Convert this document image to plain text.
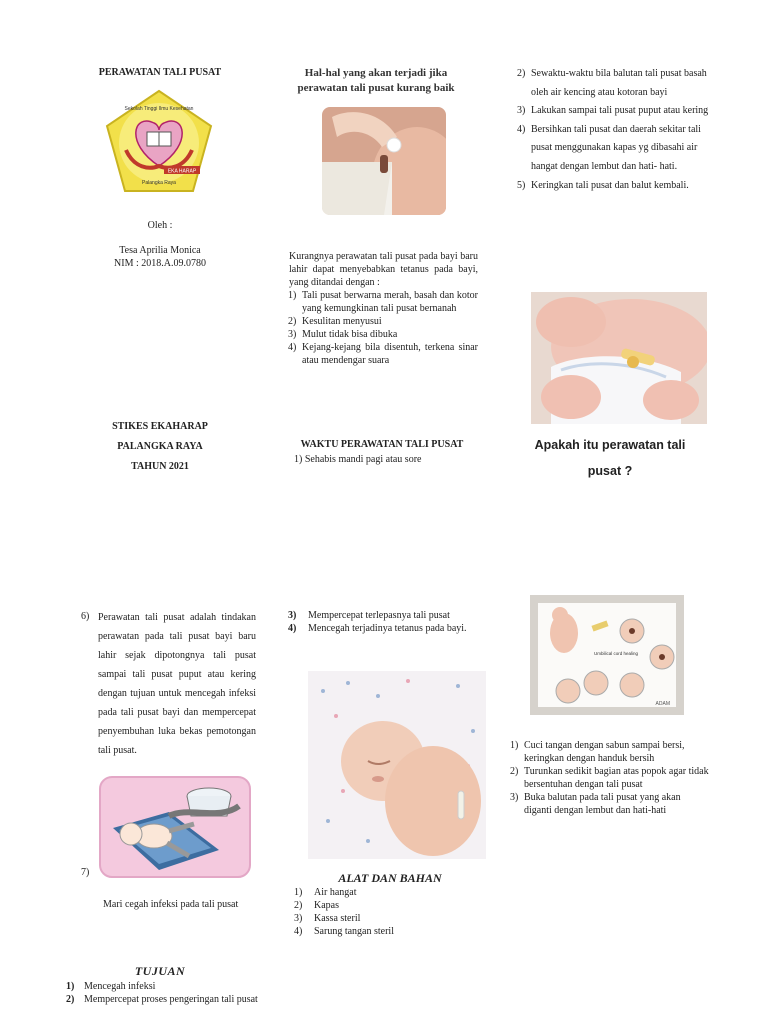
PERAWATAN TALI PUSAT
EKA HARAP
Palangka Raya
Sekolah Tinggi Ilmu Kesehatan
Oleh :
Tesa Aprilia Monica
NIM : 2018.A.09.0780
STIKES EKAHARAP
PALANGKA RAYA
TAHUN 2021
Hal-hal yang akan terjadi jika
perawatan tali pusat kurang baik
Kurangnya perawatan tali pusat pada bayi baru lahir dapat menyebabkan tetanus pada bayi, yang ditandai dengan :
1) Tali pusat berwarna merah, basah dan kotor yang kemungkinan tali pusat bernanah
2) Kesulitan menyusui
3) Mulut tidak bisa dibuka
4) Kejang-kejang bila disentuh, terkena sinar atau mendengar suara
WAKTU PERAWATAN TALI PUSAT
1) Sehabis mandi pagi atau sore
2) Sewaktu-waktu bila balutan tali pusat basah oleh air kencing atau kotoran bayi
3) Lakukan sampai tali pusat puput atau kering
4) Bersihkan tali pusat dan daerah sekitar tali pusat menggunakan kapas yg dibasahi air hangat dengan lembut dan hati- hati.
5) Keringkan tali pusat dan balut kembali.
Apakah itu perawatan tali
pusat ?
6) Perawatan tali pusat adalah tindakan perawatan pada tali pusat bayi baru lahir sejak dipotongnya tali pusat sampai tali pusat puput atau kering dengan tujuan untuk mencegah infeksi pada tali pusat bayi dan mempercepat penyembuhan luka bekas pemotongan tali pusat.
7)
Mari cegah infeksi pada tali pusat
TUJUAN
1) Mencegah infeksi
2) Mempercepat proses pengeringan tali pusat
3) Mempercepat terlepasnya tali pusat
4) Mencegah terjadinya tetanus pada bayi.
ALAT DAN BAHAN
1) Air hangat
2) Kapas
3) Kassa steril
4) Sarung tangan steril
Umbilical cord healing
ADAM
1) Cuci tangan dengan sabun sampai bersi, keringkan dengan handuk bersih
2) Turunkan sedikit bagian atas popok agar tidak bersentuhan dengan tali pusat
3) Buka balutan pada tali pusat yang akan diganti dengan lembut dan hati-hati
